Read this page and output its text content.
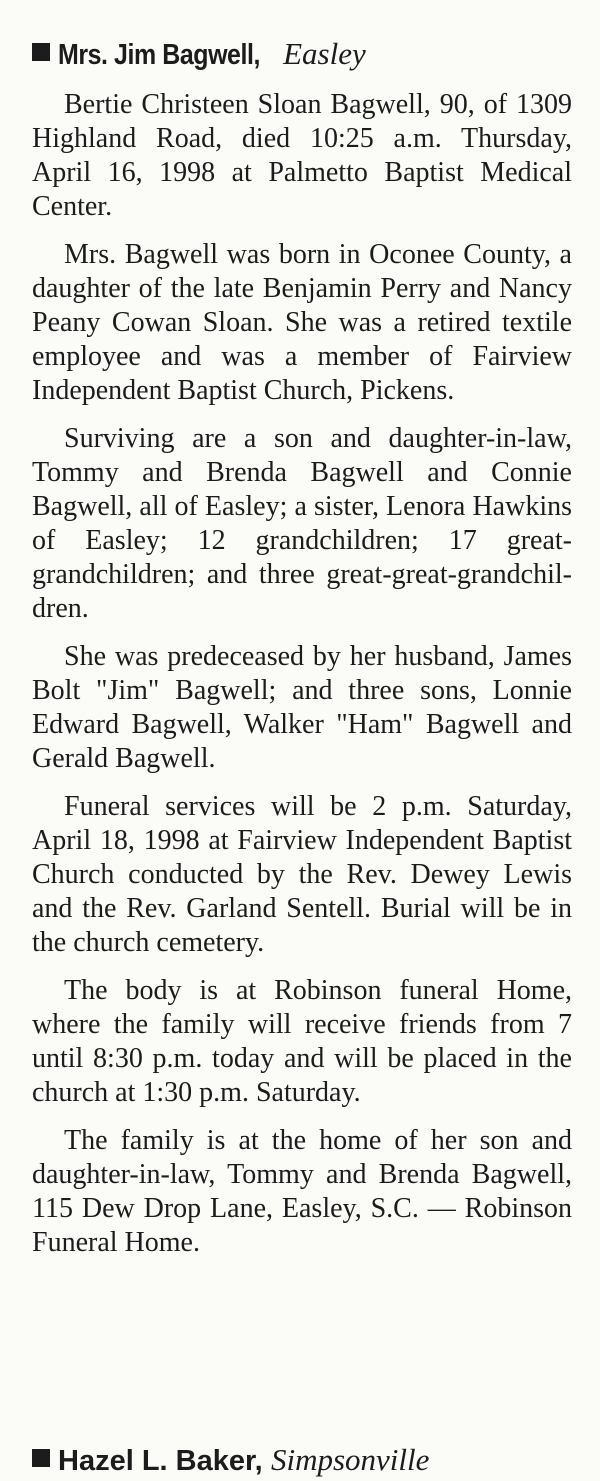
Mrs. Jim Bagwell, Easley

Bertie Christeen Sloan Bagwell, 90, of 1309 Highland Road, died 10:25 a.m. Thursday, April 16, 1998 at Palmetto Baptist Medical Center.

Mrs. Bagwell was born in Oconee County, a daughter of the late Benjamin Perry and Nancy Peany Cowan Sloan. She was a retired textile employee and was a member of Fairview Independent Baptist Church, Pickens.

Surviving are a son and daughter-in-law, Tommy and Brenda Bagwell and Connie Bagwell, all of Easley; a sister, Lenora Hawkins of Easley; 12 grandchildren; 17 great-grandchildren; and three great-great-grandchildren.

She was predeceased by her husband, James Bolt "Jim" Bagwell; and three sons, Lonnie Edward Bagwell, Walker "Ham" Bagwell and Gerald Bagwell.

Funeral services will be 2 p.m. Saturday, April 18, 1998 at Fairview Independent Baptist Church conducted by the Rev. Dewey Lewis and the Rev. Garland Sentell. Burial will be in the church cemetery.

The body is at Robinson funeral Home, where the family will receive friends from 7 until 8:30 p.m. today and will be placed in the church at 1:30 p.m. Saturday.

The family is at the home of her son and daughter-in-law, Tommy and Brenda Bagwell, 115 Dew Drop Lane, Easley, S.C. — Robinson Funeral Home.

Hazel L. Baker, Simpsonville
